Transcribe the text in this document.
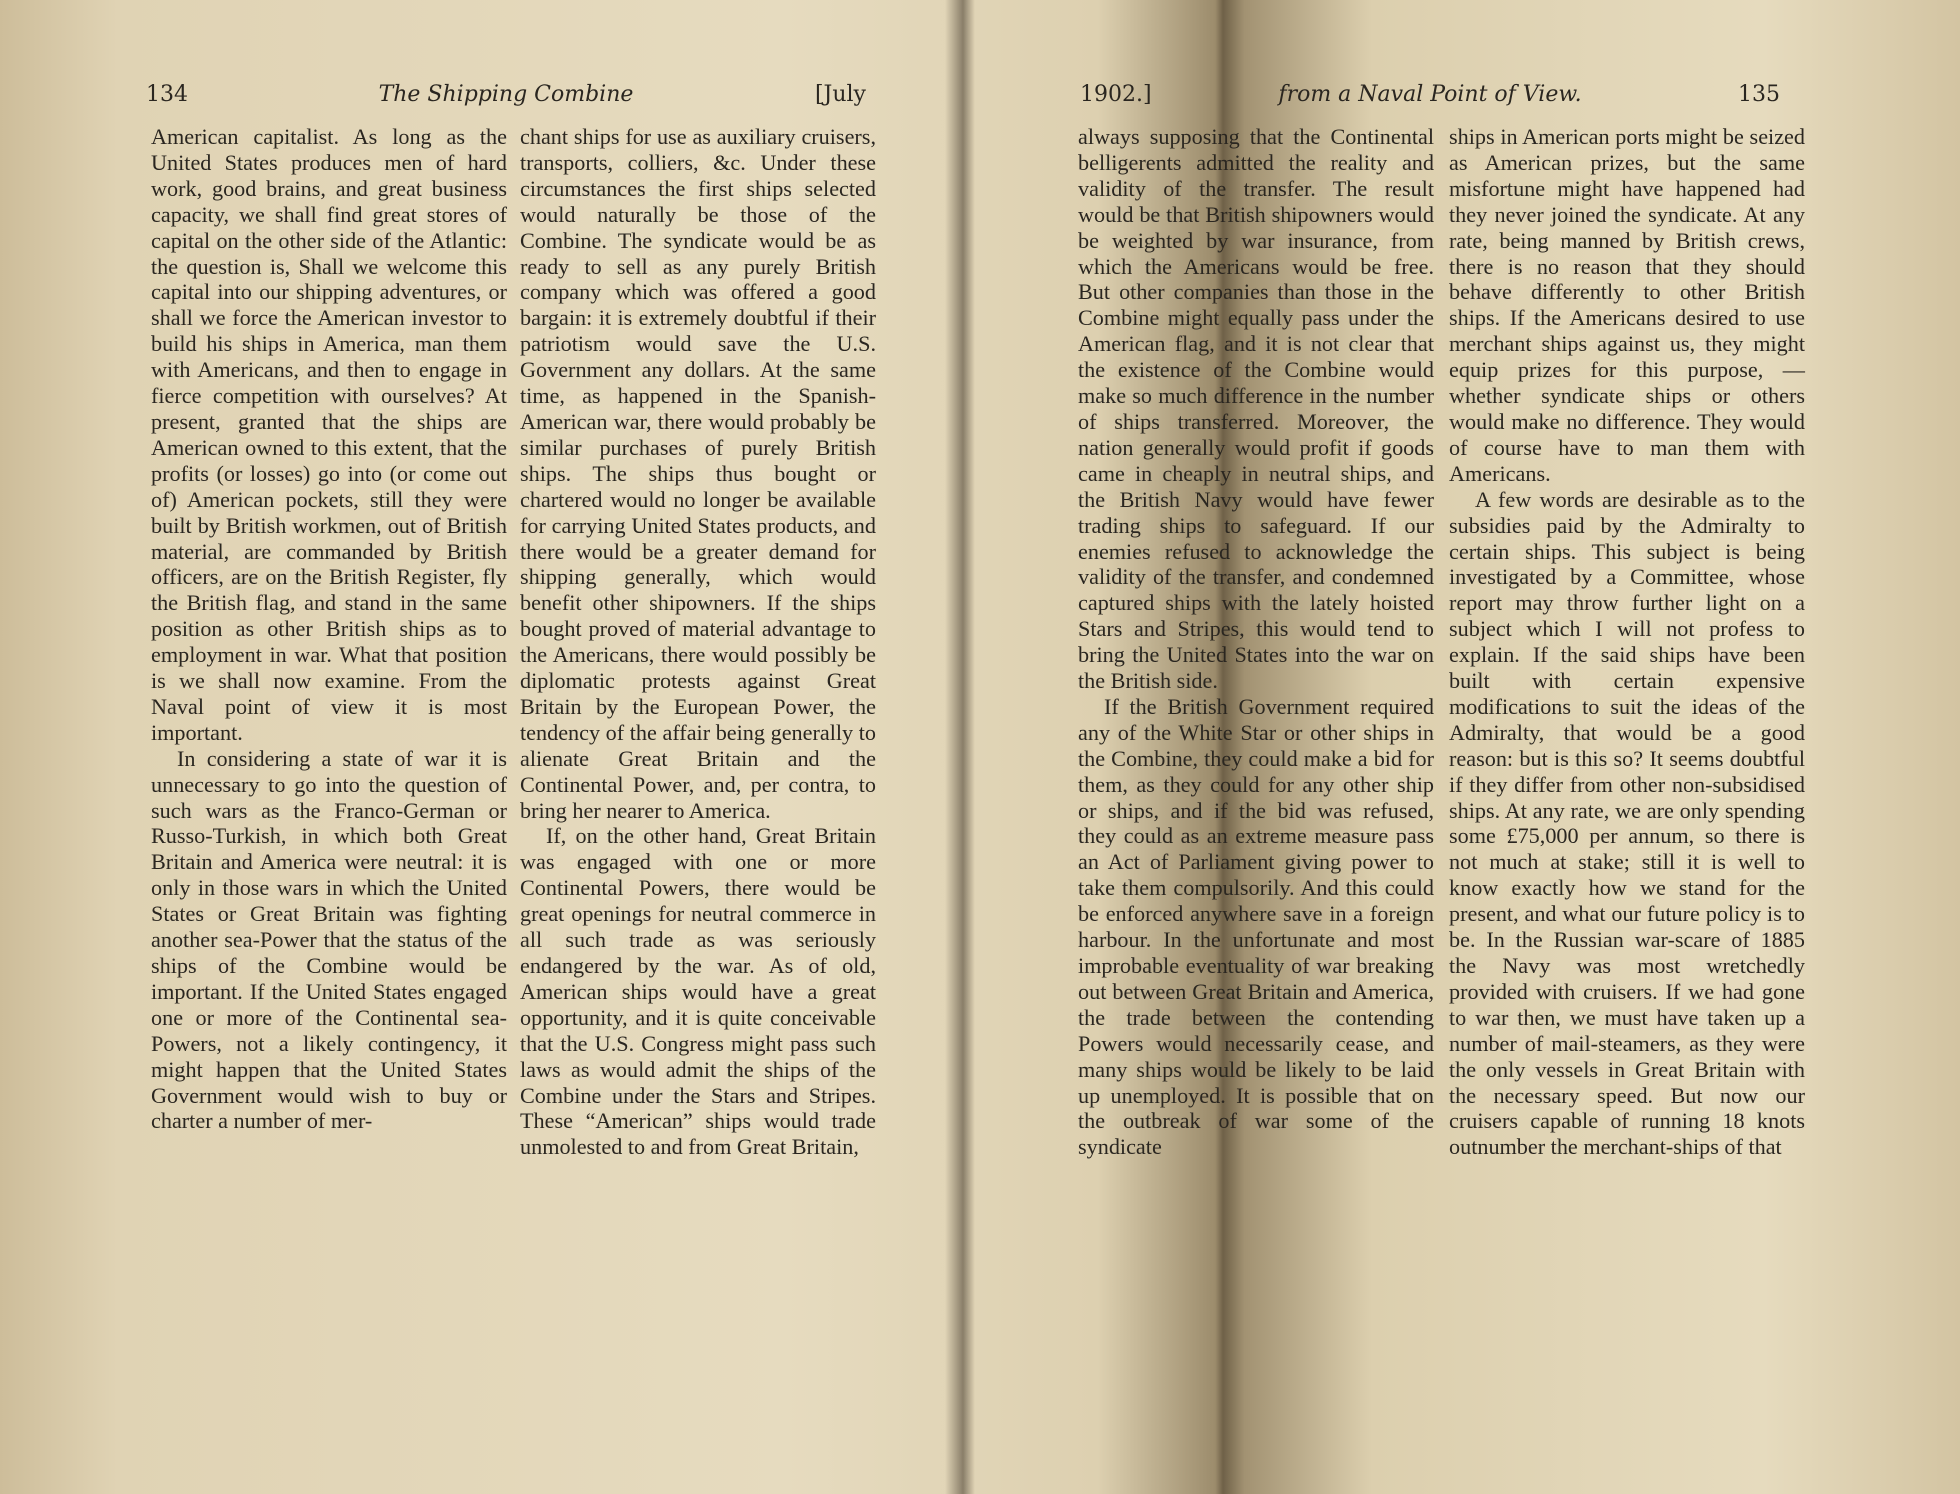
134	The Shipping Combine	[July

American capitalist. As long as the United States produces men of hard work, good brains, and great business capacity, we shall find great stores of capital on the other side of the Atlantic: the question is, Shall we welcome this capital into our shipping adventures, or shall we force the American investor to build his ships in America, man them with Americans, and then to engage in fierce competition with ourselves? At present, granted that the ships are American owned to this extent, that the profits (or losses) go into (or come out of) American pockets, still they were built by British workmen, out of British material, are commanded by British officers, are on the British Register, fly the British flag, and stand in the same position as other British ships as to employment in war. What that position is we shall now examine. From the Naval point of view it is most important.

In considering a state of war it is unnecessary to go into the question of such wars as the Franco-German or Russo-Turkish, in which both Great Britain and America were neutral: it is only in those wars in which the United States or Great Britain was fighting another sea-Power that the status of the ships of the Combine would be important. If the United States engaged one or more of the Continental sea-Powers, not a likely contingency, it might happen that the United States Government would wish to buy or charter a number of mer-

chant ships for use as auxiliary cruisers, transports, colliers, &c. Under these circumstances the first ships selected would naturally be those of the Combine. The syndicate would be as ready to sell as any purely British company which was offered a good bargain: it is extremely doubtful if their patriotism would save the U.S. Government any dollars. At the same time, as happened in the Spanish-American war, there would probably be similar purchases of purely British ships. The ships thus bought or chartered would no longer be available for carrying United States products, and there would be a greater demand for shipping generally, which would benefit other shipowners. If the ships bought proved of material advantage to the Americans, there would possibly be diplomatic protests against Great Britain by the European Power, the tendency of the affair being generally to alienate Great Britain and the Continental Power, and, per contra, to bring her nearer to America.

If, on the other hand, Great Britain was engaged with one or more Continental Powers, there would be great openings for neutral commerce in all such trade as was seriously endangered by the war. As of old, American ships would have a great opportunity, and it is quite conceivable that the U.S. Congress might pass such laws as would admit the ships of the Combine under the Stars and Stripes. These “American” ships would trade unmolested to and from Great Britain,

1902.]	from a Naval Point of View.	135

always supposing that the Continental belligerents admitted the reality and validity of the transfer. The result would be that British shipowners would be weighted by war insurance, from which the Americans would be free. But other companies than those in the Combine might equally pass under the American flag, and it is not clear that the existence of the Combine would make so much difference in the number of ships transferred. Moreover, the nation generally would profit if goods came in cheaply in neutral ships, and the British Navy would have fewer trading ships to safeguard. If our enemies refused to acknowledge the validity of the transfer, and condemned captured ships with the lately hoisted Stars and Stripes, this would tend to bring the United States into the war on the British side.

If the British Government required any of the White Star or other ships in the Combine, they could make a bid for them, as they could for any other ship or ships, and if the bid was refused, they could as an extreme measure pass an Act of Parliament giving power to take them compulsorily. And this could be enforced anywhere save in a foreign harbour. In the unfortunate and most improbable eventuality of war breaking out between Great Britain and America, the trade between the contending Powers would necessarily cease, and many ships would be likely to be laid up unemployed. It is possible that on the outbreak of war some of the syndicate

ships in American ports might be seized as American prizes, but the same misfortune might have happened had they never joined the syndicate. At any rate, being manned by British crews, there is no reason that they should behave differently to other British ships. If the Americans desired to use merchant ships against us, they might equip prizes for this purpose, — whether syndicate ships or others would make no difference. They would of course have to man them with Americans.

A few words are desirable as to the subsidies paid by the Admiralty to certain ships. This subject is being investigated by a Committee, whose report may throw further light on a subject which I will not profess to explain. If the said ships have been built with certain expensive modifications to suit the ideas of the Admiralty, that would be a good reason: but is this so? It seems doubtful if they differ from other non-subsidised ships. At any rate, we are only spending some £75,000 per annum, so there is not much at stake; still it is well to know exactly how we stand for the present, and what our future policy is to be. In the Russian war-scare of 1885 the Navy was most wretchedly provided with cruisers. If we had gone to war then, we must have taken up a number of mail-steamers, as they were the only vessels in Great Britain with the necessary speed. But now our cruisers capable of running 18 knots outnumber the merchant-ships of that
